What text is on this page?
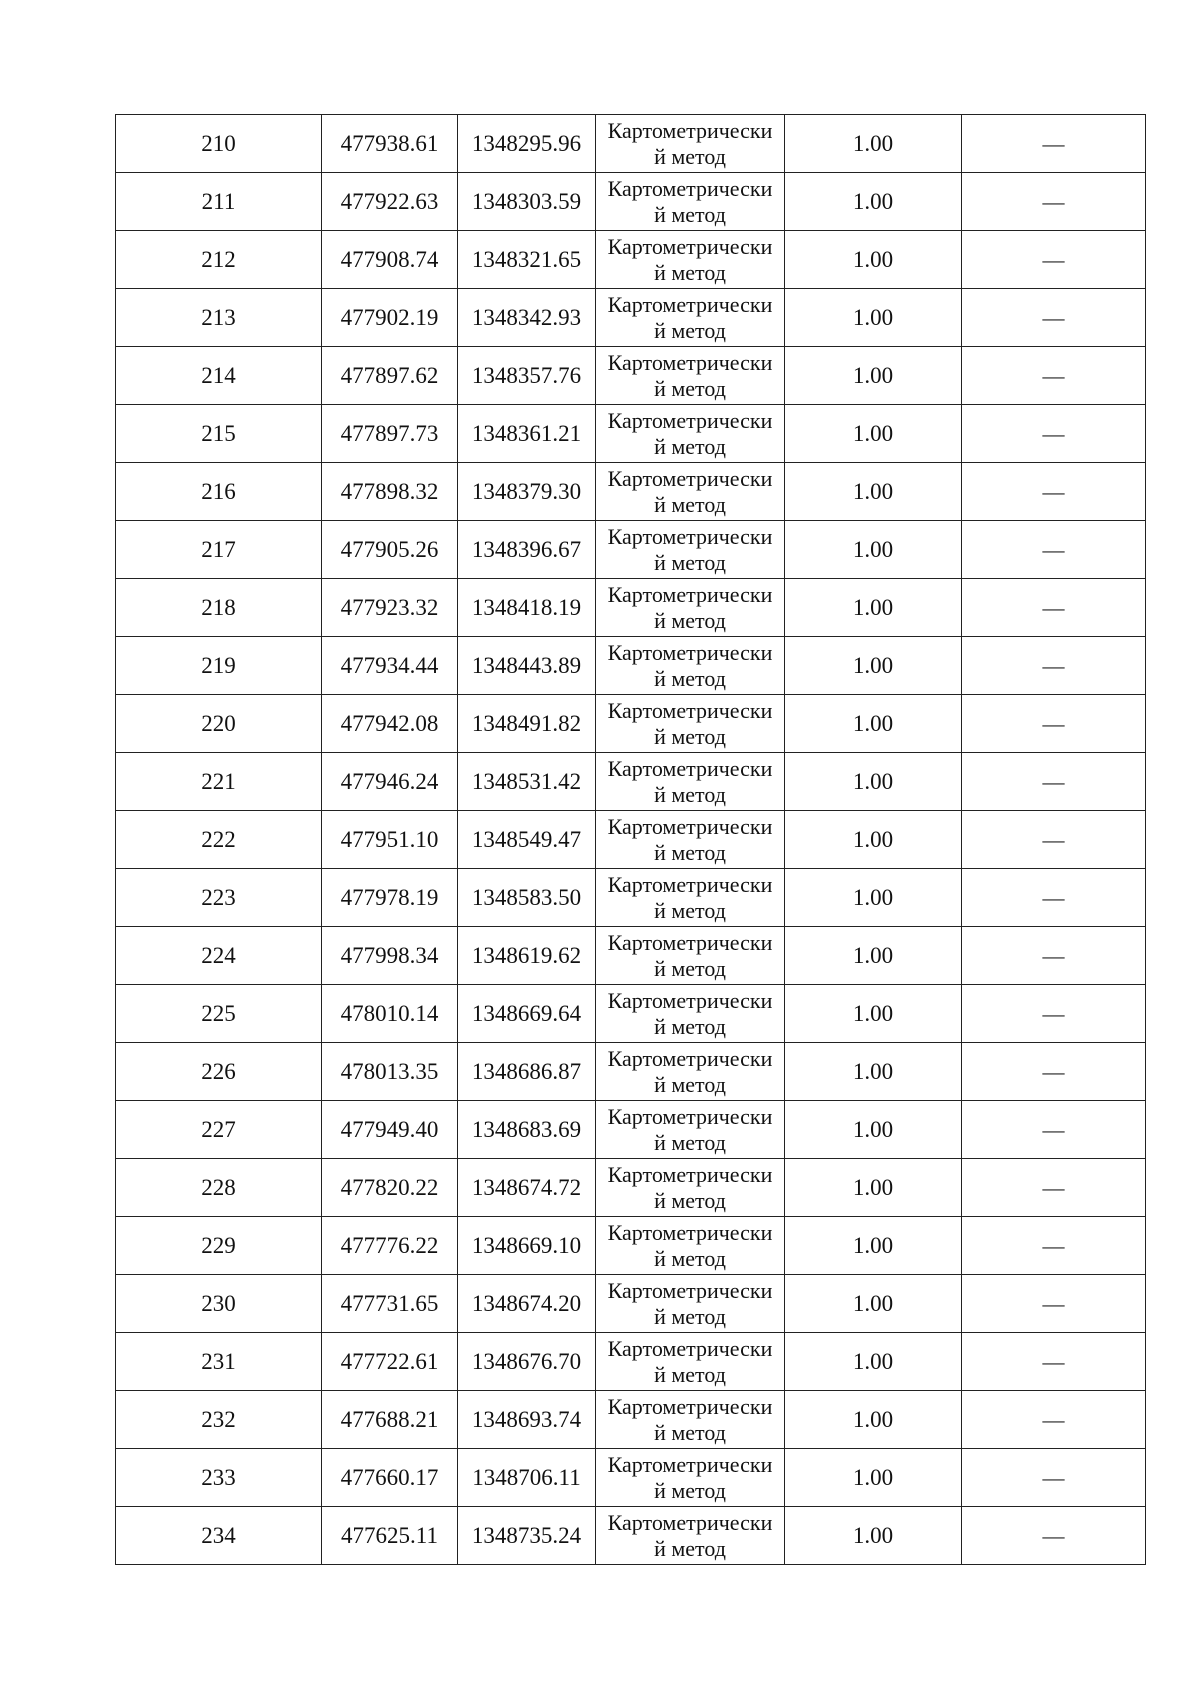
210	477938.61	1348295.96	Картометрически
й метод	1.00	—
211	477922.63	1348303.59	Картометрически
й метод	1.00	—
212	477908.74	1348321.65	Картометрически
й метод	1.00	—
213	477902.19	1348342.93	Картометрически
й метод	1.00	—
214	477897.62	1348357.76	Картометрически
й метод	1.00	—
215	477897.73	1348361.21	Картометрически
й метод	1.00	—
216	477898.32	1348379.30	Картометрически
й метод	1.00	—
217	477905.26	1348396.67	Картометрически
й метод	1.00	—
218	477923.32	1348418.19	Картометрически
й метод	1.00	—
219	477934.44	1348443.89	Картометрически
й метод	1.00	—
220	477942.08	1348491.82	Картометрически
й метод	1.00	—
221	477946.24	1348531.42	Картометрически
й метод	1.00	—
222	477951.10	1348549.47	Картометрически
й метод	1.00	—
223	477978.19	1348583.50	Картометрически
й метод	1.00	—
224	477998.34	1348619.62	Картометрически
й метод	1.00	—
225	478010.14	1348669.64	Картометрически
й метод	1.00	—
226	478013.35	1348686.87	Картометрически
й метод	1.00	—
227	477949.40	1348683.69	Картометрически
й метод	1.00	—
228	477820.22	1348674.72	Картометрически
й метод	1.00	—
229	477776.22	1348669.10	Картометрически
й метод	1.00	—
230	477731.65	1348674.20	Картометрически
й метод	1.00	—
231	477722.61	1348676.70	Картометрически
й метод	1.00	—
232	477688.21	1348693.74	Картометрически
й метод	1.00	—
233	477660.17	1348706.11	Картометрически
й метод	1.00	—
234	477625.11	1348735.24	Картометрически
й метод	1.00	—
